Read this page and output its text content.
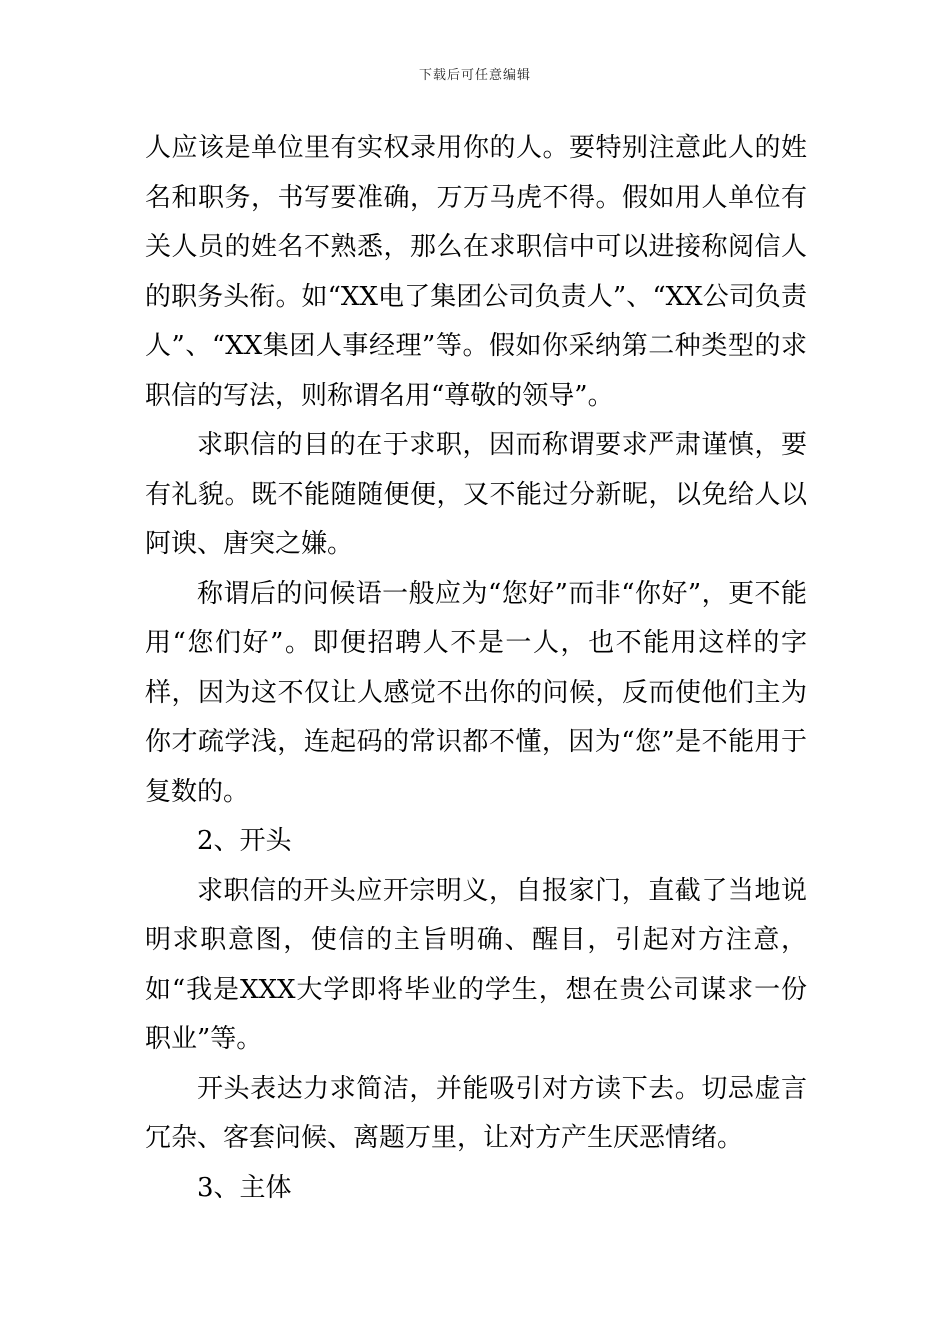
下载后可任意编辑

人应该是单位里有实权录用你的人。要特别注意此人的姓名和职务，书写要准确，万万马虎不得。假如用人单位有关人员的姓名不熟悉，那么在求职信中可以进接称阅信人的职务头衔。如“XX电了集团公司负责人”、“XX公司负责人”、“XX集团人事经理”等。假如你采纳第二种类型的求职信的写法，则称谓名用“尊敬的领导”。

求职信的目的在于求职，因而称谓要求严肃谨慎，要有礼貌。既不能随随便便，又不能过分新昵，以免给人以阿谀、唐突之嫌。

称谓后的问候语一般应为“您好”而非“你好”，更不能用“您们好”。即便招聘人不是一人，也不能用这样的字样，因为这不仅让人感觉不出你的问候，反而使他们主为你才疏学浅，连起码的常识都不懂，因为“您”是不能用于复数的。

2、开头

求职信的开头应开宗明义，自报家门，直截了当地说明求职意图，使信的主旨明确、醒目，引起对方注意，如“我是XXX大学即将毕业的学生，想在贵公司谋求一份职业”等。

开头表达力求简洁，并能吸引对方读下去。切忌虚言冗杂、客套问候、离题万里，让对方产生厌恶情绪。

3、主体
